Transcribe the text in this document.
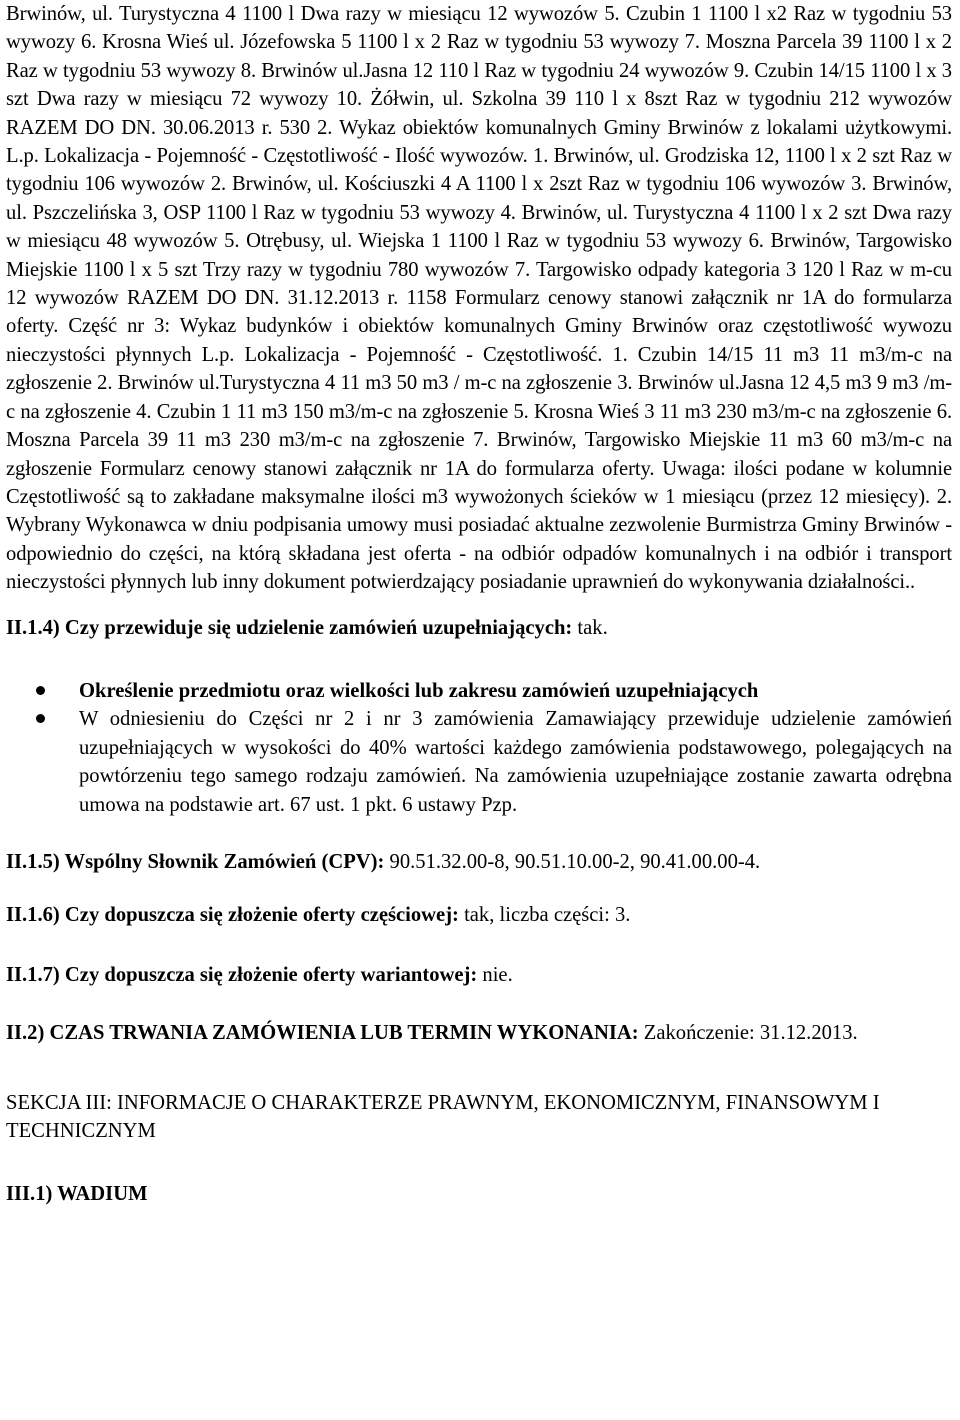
Brwinów, ul. Turystyczna 4 1100 l Dwa razy w miesiącu 12 wywozów 5. Czubin 1 1100 l x2 Raz w tygodniu 53 wywozy 6. Krosna Wieś ul. Józefowska 5 1100 l x 2 Raz w tygodniu 53 wywozy 7. Moszna Parcela 39 1100 l x 2 Raz w tygodniu 53 wywozy 8. Brwinów ul.Jasna 12 110 l Raz w tygodniu 24 wywozów 9. Czubin 14/15 1100 l x 3 szt Dwa razy w miesiącu 72 wywozy 10. Żółwin, ul. Szkolna 39 110 l x 8szt Raz w tygodniu 212 wywozów RAZEM DO DN. 30.06.2013 r. 530 2. Wykaz obiektów komunalnych Gminy Brwinów z lokalami użytkowymi. L.p. Lokalizacja - Pojemność - Częstotliwość - Ilość wywozów. 1. Brwinów, ul. Grodziska 12, 1100 l x 2 szt Raz w tygodniu 106 wywozów 2. Brwinów, ul. Kościuszki 4 A 1100 l x 2szt Raz w tygodniu 106 wywozów 3. Brwinów, ul. Pszczelińska 3, OSP 1100 l Raz w tygodniu 53 wywozy 4. Brwinów, ul. Turystyczna 4 1100 l x 2 szt Dwa razy w miesiącu 48 wywozów 5. Otrębusy, ul. Wiejska 1 1100 l Raz w tygodniu 53 wywozy 6. Brwinów, Targowisko Miejskie 1100 l x 5 szt Trzy razy w tygodniu 780 wywozów 7. Targowisko odpady kategoria 3 120 l Raz w m-cu 12 wywozów RAZEM DO DN. 31.12.2013 r. 1158 Formularz cenowy stanowi załącznik nr 1A do formularza oferty. Część nr 3: Wykaz budynków i obiektów komunalnych Gminy Brwinów oraz częstotliwość wywozu nieczystości płynnych L.p. Lokalizacja - Pojemność - Częstotliwość. 1. Czubin 14/15 11 m3 11 m3/m-c na zgłoszenie 2. Brwinów ul.Turystyczna 4 11 m3 50 m3 / m-c na zgłoszenie 3. Brwinów ul.Jasna 12 4,5 m3 9 m3 /m-c na zgłoszenie 4. Czubin 1 11 m3 150 m3/m-c na zgłoszenie 5. Krosna Wieś 3 11 m3 230 m3/m-c na zgłoszenie 6. Moszna Parcela 39 11 m3 230 m3/m-c na zgłoszenie 7. Brwinów, Targowisko Miejskie 11 m3 60 m3/m-c na zgłoszenie Formularz cenowy stanowi załącznik nr 1A do formularza oferty. Uwaga: ilości podane w kolumnie Częstotliwość są to zakładane maksymalne ilości m3 wywożonych ścieków w 1 miesiącu (przez 12 miesięcy). 2. Wybrany Wykonawca w dniu podpisania umowy musi posiadać aktualne zezwolenie Burmistrza Gminy Brwinów - odpowiednio do części, na którą składana jest oferta - na odbiór odpadów komunalnych i na odbiór i transport nieczystości płynnych lub inny dokument potwierdzający posiadanie uprawnień do wykonywania działalności..

II.1.4) Czy przewiduje się udzielenie zamówień uzupełniających: tak.

Określenie przedmiotu oraz wielkości lub zakresu zamówień uzupełniających
W odniesieniu do Części nr 2 i nr 3 zamówienia Zamawiający przewiduje udzielenie zamówień uzupełniających w wysokości do 40% wartości każdego zamówienia podstawowego, polegających na powtórzeniu tego samego rodzaju zamówień. Na zamówienia uzupełniające zostanie zawarta odrębna umowa na podstawie art. 67 ust. 1 pkt. 6 ustawy Pzp.

II.1.5) Wspólny Słownik Zamówień (CPV): 90.51.32.00-8, 90.51.10.00-2, 90.41.00.00-4.

II.1.6) Czy dopuszcza się złożenie oferty częściowej: tak, liczba części: 3.

II.1.7) Czy dopuszcza się złożenie oferty wariantowej: nie.

II.2) CZAS TRWANIA ZAMÓWIENIA LUB TERMIN WYKONANIA: Zakończenie: 31.12.2013.

SEKCJA III: INFORMACJE O CHARAKTERZE PRAWNYM, EKONOMICZNYM, FINANSOWYM I TECHNICZNYM

III.1) WADIUM
